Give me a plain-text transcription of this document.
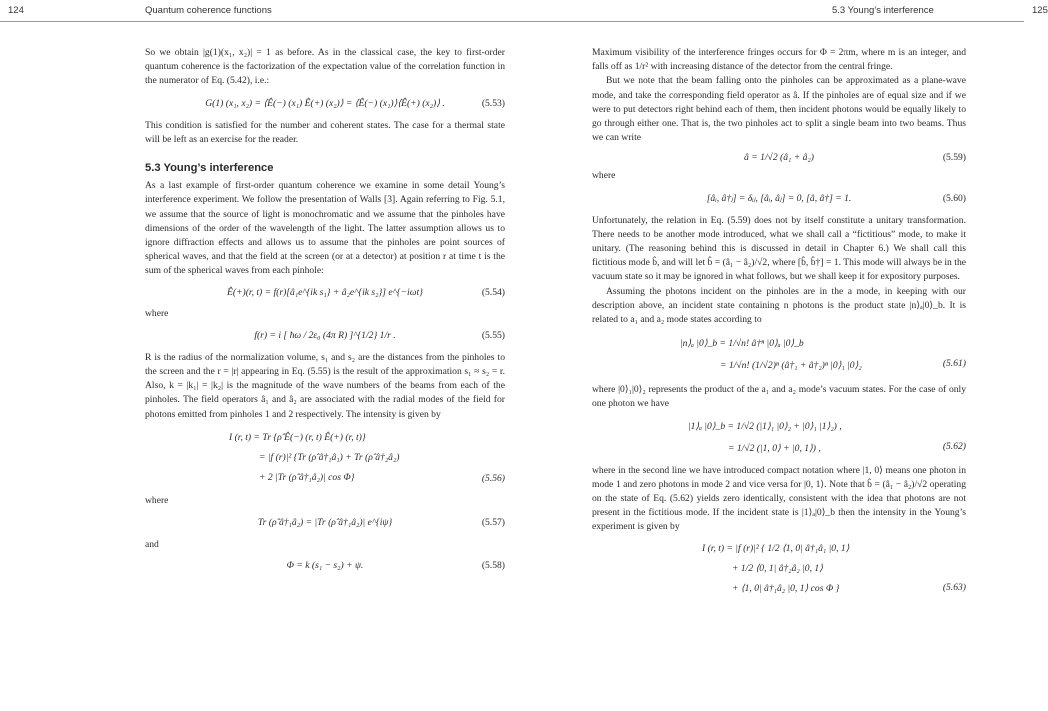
124	Quantum coherence functions

So we obtain |g(1)(x₁, x₂)| = 1 as before. As in the classical case, the key to first-order quantum coherence is the factorization of the expectation value of the correlation function in the numerator of Eq. (5.42), i.e.:

G(1) (x₁, x₂) = ⟨Ê(−) (x₁) Ê(+) (x₂)⟩ = ⟨Ê(−) (x₁)⟩⟨Ê(+) (x₂)⟩ .	(5.53)

This condition is satisfied for the number and coherent states. The case for a thermal state will be left as an exercise for the reader.

5.3 Young’s interference

As a last example of first-order quantum coherence we examine in some detail Young’s interference experiment. We follow the presentation of Walls [3]. Again referring to Fig. 5.1, we assume that the source of light is monochromatic and we assume that the pinholes have dimensions of the order of the wavelength of the light. The latter assumption allows us to ignore diffraction effects and allows us to assume that the pinholes are point sources of spherical waves, and that the field at the screen (or at a detector) at position r at time t is the sum of the spherical waves from each pinhole:

Ê(+)(r, t) = f(r)[â₁e^{ik s₁} + â₂e^{ik s₂}] e^{−iωt}	(5.54)

where

f(r) = i [ ħω / 2ε₀ (4π R) ]^{1/2} 1/r .	(5.55)

R is the radius of the normalization volume, s₁ and s₂ are the distances from the pinholes to the screen and the r = |r| appearing in Eq. (5.55) is the result of the approximation s₁ ≈ s₂ = r. Also, k = |k₁| = |k₂| is the magnitude of the wave numbers of the beams from each of the pinholes. The field operators â₁ and â₂ are associated with the radial modes of the field for photons emitted from pinholes 1 and 2 respectively. The intensity is given by

I (r, t) = Tr {ρ̂ Ê(−) (r, t) Ê(+) (r, t)}
= |f (r)|² {Tr (ρ̂ â†₁â₁) + Tr (ρ̂ â†₂â₂)
+ 2 |Tr (ρ̂ â†₁â₂)| cos Φ}	(5.56)

where

Tr (ρ̂ â†₁â₂) = |Tr (ρ̂ â†₁â₂)| e^{iψ}	(5.57)

and

Φ = k (s₁ − s₂) + ψ.	(5.58)
5.3 Young’s interference	125

Maximum visibility of the interference fringes occurs for Φ = 2πm, where m is an integer, and falls off as 1/r² with increasing distance of the detector from the central fringe.

But we note that the beam falling onto the pinholes can be approximated as a plane-wave mode, and take the corresponding field operator as â. If the pinholes are of equal size and if we were to put detectors right behind each of them, then incident photons would be equally likely to go through either one. That is, the two pinholes act to split a single beam into two beams. Thus we can write

â = 1/√2 (â₁ + â₂)	(5.59)

where

[âᵢ, â†ⱼ] = δᵢⱼ, [âᵢ, âⱼ] = 0, [â, â†] = 1.	(5.60)

Unfortunately, the relation in Eq. (5.59) does not by itself constitute a unitary transformation. There needs to be another mode introduced, what we shall call a “fictitious” mode, to make it unitary. (The reasoning behind this is discussed in detail in Chapter 6.) We shall call this fictitious mode b̂, and will let b̂ = (â₁ − â₂)/√2, where [b̂, b̂†] = 1. This mode will always be in the vacuum state so it may be ignored in what follows, but we shall keep it for expository purposes.

Assuming the photons incident on the pinholes are in the a mode, in keeping with our description above, an incident state containing n photons is the product state |n⟩ₐ|0⟩_b. It is related to a₁ and a₂ mode states according to

|n⟩ₐ |0⟩_b = 1/√n! â†ⁿ |0⟩ₐ |0⟩_b
= 1/√n! (1/√2)ⁿ (â†₁ + â†₂)ⁿ |0⟩₁ |0⟩₂	(5.61)

where |0⟩₁|0⟩₂ represents the product of the a₁ and a₂ mode’s vacuum states. For the case of only one photon we have

|1⟩ₐ |0⟩_b = 1/√2 (|1⟩₁ |0⟩₂ + |0⟩₁ |1⟩₂) ,
= 1/√2 (|1, 0⟩ + |0, 1⟩) ,	(5.62)

where in the second line we have introduced compact notation where |1, 0⟩ means one photon in mode 1 and zero photons in mode 2 and vice versa for |0, 1⟩. Note that b̂ = (â₁ − â₂)/√2 operating on the state of Eq. (5.62) yields zero identically, consistent with the idea that photons are not present in the fictitious mode. If the incident state is |1⟩ₐ|0⟩_b then the intensity in the Young’s experiment is given by

I (r, t) = |f (r)|² { 1/2 ⟨1, 0| â†₁â₁ |0, 1⟩
+ 1/2 ⟨0, 1| â†₂â₂ |0, 1⟩
+ ⟨1, 0| â†₁â₂ |0, 1⟩ cos Φ }	(5.63)
